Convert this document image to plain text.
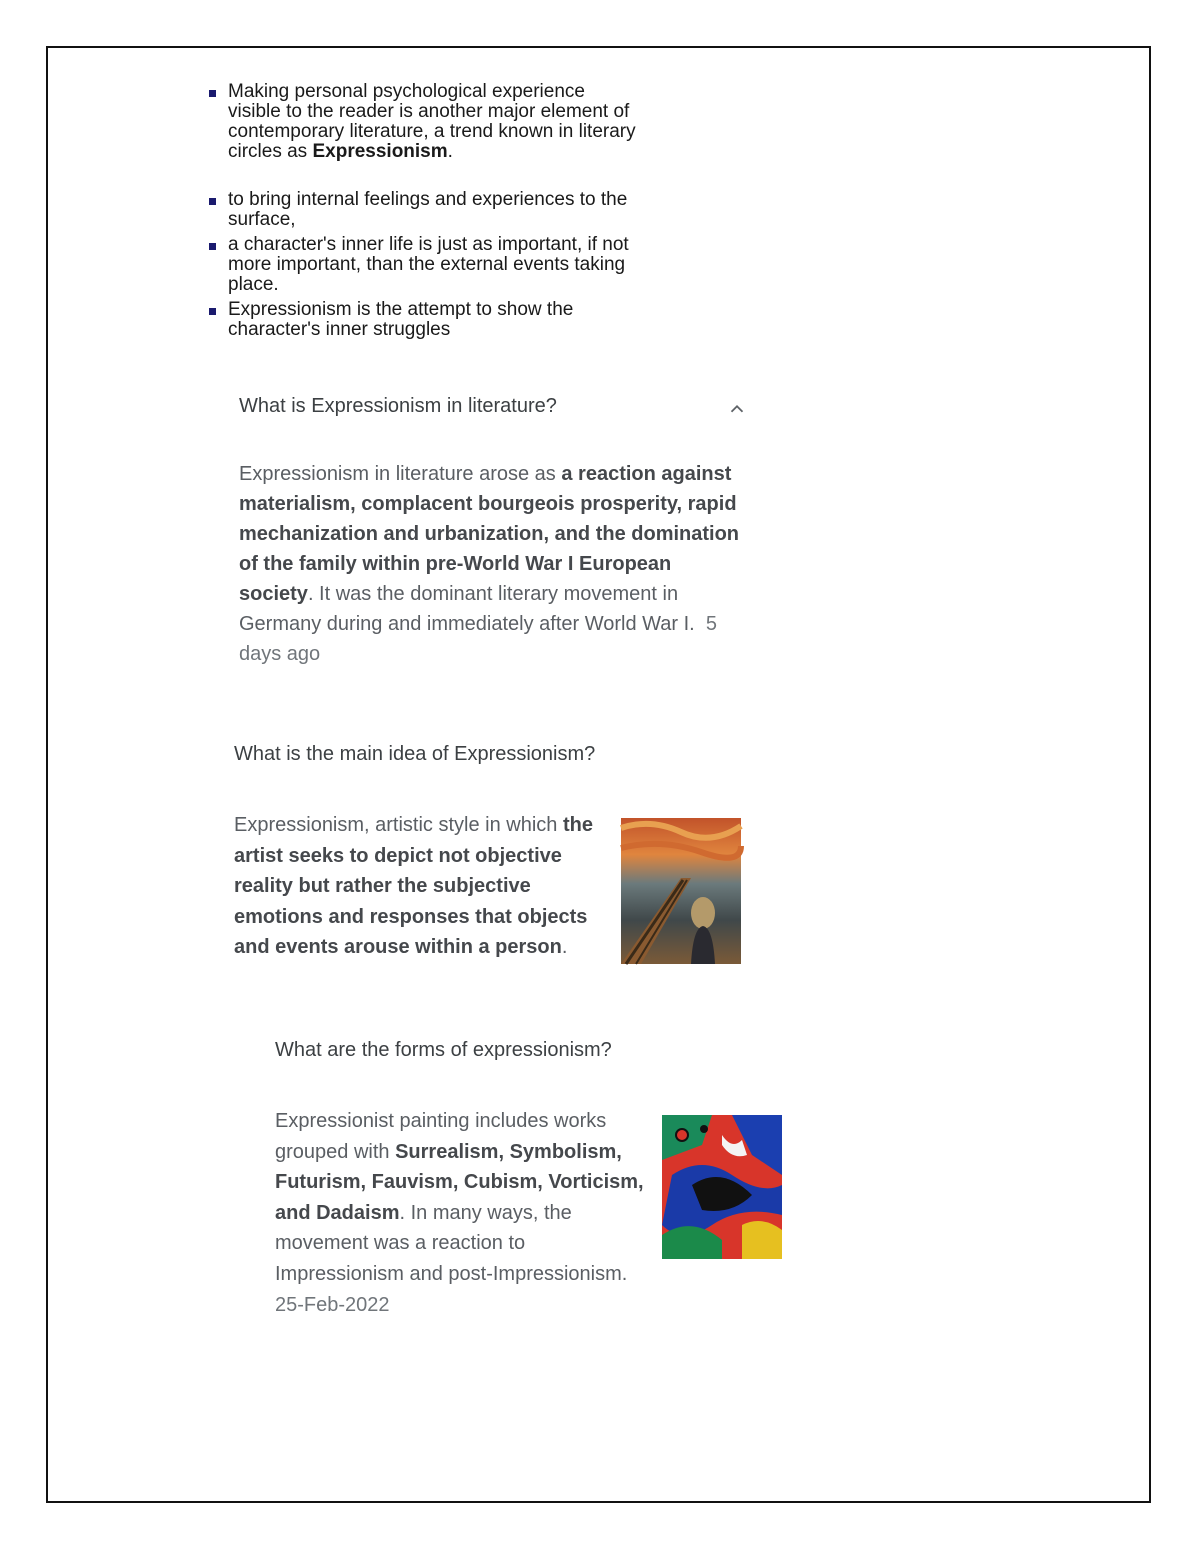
Making personal psychological experience
visible to the reader is another major element of
contemporary literature, a trend known in literary
circles as Expressionism.
to bring internal feelings and experiences to the
surface,
a character's inner life is just as important, if not
more important, than the external events taking
place.
Expressionism is the attempt to show the
character's inner struggles
What is Expressionism in literature?
Expressionism in literature arose as a reaction against materialism, complacent bourgeois prosperity, rapid mechanization and urbanization, and the domination of the family within pre-World War I European society. It was the dominant literary movement in Germany during and immediately after World War I. 5 days ago
What is the main idea of Expressionism?
Expressionism, artistic style in which the artist seeks to depict not objective reality but rather the subjective emotions and responses that objects and events arouse within a person.
What are the forms of expressionism?
Expressionist painting includes works grouped with Surrealism, Symbolism, Futurism, Fauvism, Cubism, Vorticism, and Dadaism. In many ways, the movement was a reaction to Impressionism and post-Impressionism.  25-Feb-2022
